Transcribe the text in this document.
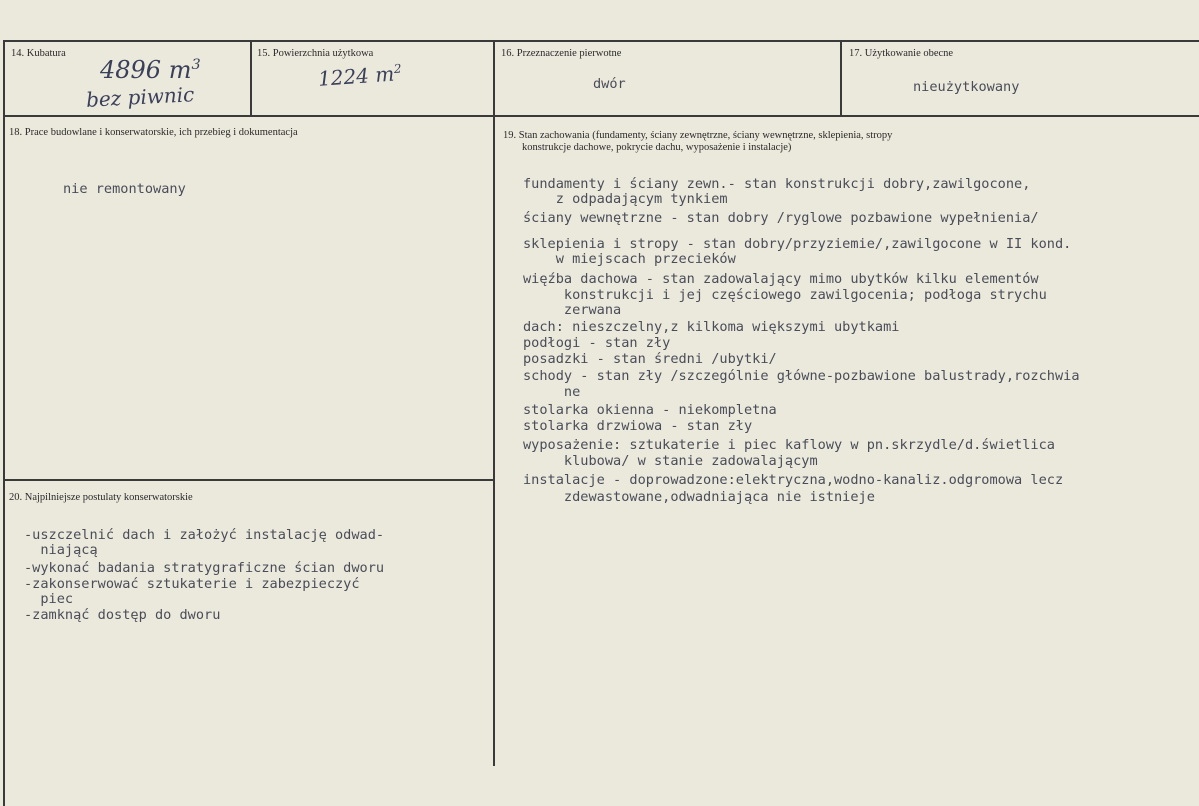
14. Kubatura
4896 $m^3$
bez piwnic
15. Powierzchnia użytkowa
1224 $m^2$
16. Przeznaczenie pierwotne
dwór
17. Użytkowanie obecne
nieużytkowany
18. Prace budowlane i konserwatorskie, ich przebieg i dokumentacja
nie remontowany
19. Stan zachowania (fundamenty, ściany zewnętrzne, ściany wewnętrzne, sklepienia, stropy
konstrukcje dachowe, pokrycie dachu, wyposażenie i instalacje)
fundamenty i ściany zewn.- stan konstrukcji dobry,zawilgocone,
z odpadającym tynkiem
ściany wewnętrzne - stan dobry /ryglowe pozbawione wypełnienia/
sklepienia i stropy - stan dobry/przyziemie/,zawilgocone w II kond.
w miejscach przecieków
więźba dachowa - stan zadowalający mimo ubytków kilku elementów
konstrukcji i jej częściowego zawilgocenia; podłoga strychu
zerwana
dach: nieszczelny,z kilkoma większymi ubytkami
podłogi - stan zły
posadzki - stan średni /ubytki/
schody - stan zły /szczególnie główne-pozbawione balustrady,rozchwia
ne
stolarka okienna - niekompletna
stolarka drzwiowa - stan zły
wyposażenie: sztukaterie i piec kaflowy w pn.skrzydle/d.świetlica
klubowa/ w stanie zadowalającym
instalacje - doprowadzone:elektryczna,wodno-kanaliz.odgromowa lecz
zdewastowane,odwadniająca nie istnieje
20. Najpilniejsze postulaty konserwatorskie
-uszczelnić dach i założyć instalację odwad-
niającą
-wykonać badania stratygraficzne ścian dworu
-zakonserwować sztukaterie i zabezpieczyć
piec
-zamknąć dostęp do dworu
